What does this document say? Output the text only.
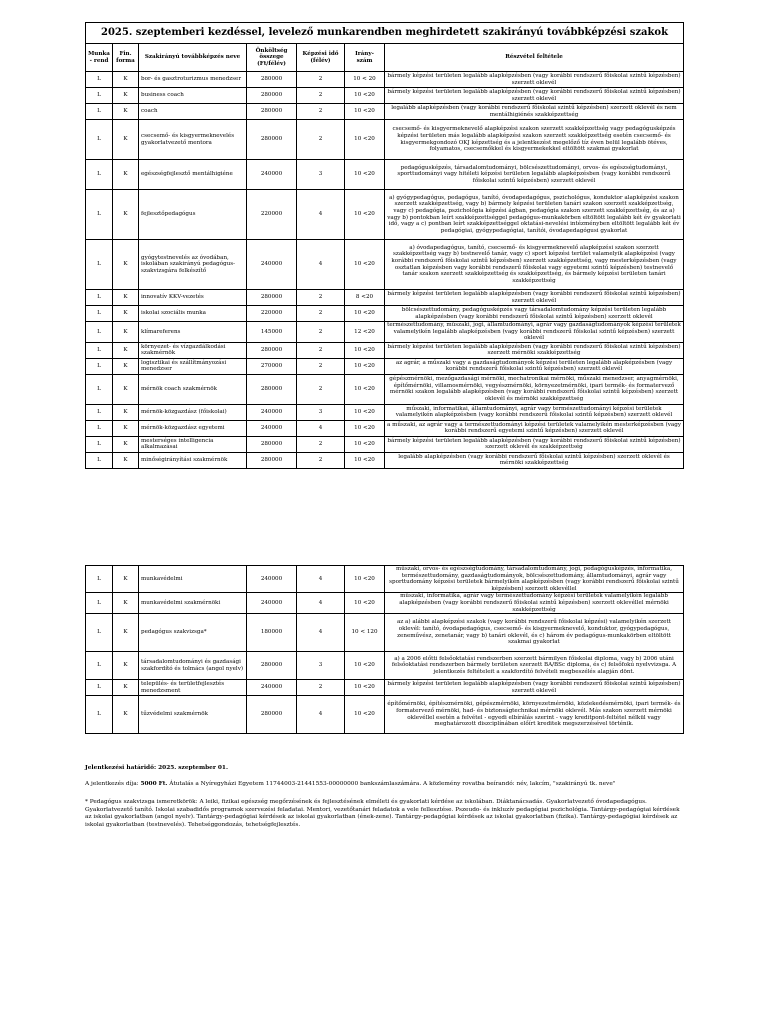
2025. szeptemberi kezdéssel, levelező munkarendben meghirdetett szakirányú továbbképzési szakok						
Munka - rend	Fin. forma	Szakirányú továbbképzés neve	Önköltség összege (Ft/félév)	Képzési idő (félév)	Irány- szám	Részvétel feltétele
L	K	bor- és gasztroturizmus menedzser	280000	2	10 < 20	bármely képzési területen legalább alapképzésben (vagy korábbi rendszerű főiskolai szintű képzésben) szerzett oklevél
L	K	business coach	280000	2	10 <20	bármely képzési területen legalább alapképzésben (vagy korábbi rendszerű főiskolai szintű képzésben) szerzett oklevél
L	K	coach	280000	2	10 <20	legalább alapképzésben (vagy korábbi rendszerű főiskolai szintű képzésben) szerzett oklevél és nem mentálhigiénés szakképzettség
L	K	csecsemő- és kisgyermeknevelés gyakorlatvezető mentora	280000	2	10 <20	csecsemő- és kisgyermeknevelő alapképzési szakon szerzett szakképzettség vagy pedagógusképzés képzési területen más legalább alapképzési szakon szerzett szakképzettség esetén csecsemő- és kisgyermekgondozó OKJ képzettség és a jelentkezést megelőző tíz éven belül legalább ötéves, folyamatos, csecsemőkkel és kisgyermekekkel eltöltött szakmai gyakorlat
L	K	egészségfejlesztő mentálhigiéne	240000	3	10 <20	pedagógusképzés, társadalomtudományi, bölcsészettudományi, orvos- és egészségtudományi, sporttudományi vagy hitéleti képzési területen legalább alapképzésben (vagy korábbi rendszerű főiskolai szintű képzésben) szerzett oklevél
L	K	fejlesztőpedagógus	220000	4	10 <20	a) gyógypedagógus, pedagógus, tanító, óvodapedagógus, pszichológus, konduktor alapképzési szakon szerzett szakképzettség, vagy b) bármely képzési területen tanári szakon szerzett szakképzettség, vagy c) pedagógia, pszichológia képzési ágban, pedagógia szakon szerzett szakképzettség, és az a) vagy b) pontokban leírt szakképzettséggel pedagógus-munkakörben eltöltött legalább két év gyakorlati idő, vagy a c) pontban leírt szakképzettséggel oktatási-nevelési intézményben eltöltött legalább két év pedagógiai, gyógypedagógiai, tanítói, óvodapedagógusi gyakorlat
L	K	gyógytestnevelés az óvodában, iskolában szakirányú pedagógus-szakvizsgára felkészítő	240000	4	10 <20	a) óvodapedagógus, tanító, csecsemő- és kisgyermeknevelő alapképzési szakon szerzett szakképzettség vagy b) testnevelő tanár, vagy c) sport képzési terület valamelyik alapképzési (vagy korábbi rendszerű főiskolai szintű képzésben) szerzett szakképzettség, vagy mesterképzésben (vagy osztatlan képzésben vagy korábbi rendszerű főiskolai vagy egyetemi szintű képzésben) testnevelő tanár szakon szerzett szakképzettség és szakképzettség, és bármely képzési területen tanári szakképzettség
L	K	innovatív KKV-vezetés	280000	2	8 <20	bármely képzési területen legalább alapképzésben (vagy korábbi rendszerű főiskolai szintű képzésben) szerzett oklevél
L	K	iskolai szociális munka	220000	2	10 <20	bölcsészettudomány, pedagógusképzés vagy társadalomtudomány képzési területen legalább alapképzésben (vagy korábbi rendszerű főiskolai szintű képzésben) szerzett oklevél
L	K	klímareferens	145000	2	12 <20	természettudomány, műszaki, jogi, államtudományi, agrár vagy gazdaságtudományok képzési területek valamelyikén legalább alapképzésben (vagy korábbi rendszerű főiskolai szintű képzésben) szerzett oklevél
L	K	környezet- és vízgazdálkodási szakmérnök	280000	2	10 <20	bármely képzési területen legalább alapképzésben (vagy korábbi rendszerű főiskolai szintű képzésben) szerzett mérnöki szakképzettség
L	K	logisztikai és szállítmányozási menedzser	270000	2	10 <20	az agrár, a műszaki vagy a gazdaságtudományok képzési területen legalább alapképzésben (vagy korábbi rendszerű főiskolai szintű képzésben) szerzett oklevél
L	K	mérnök coach szakmérnök	280000	2	10 <20	gépészmérnöki, mezőgazdasági mérnöki, mechatronikai mérnöki, műszaki menedzser, anyagmérnöki, építőmérnöki, villamosmérnöki, vegyészmérnöki, környezetmérnöki, ipari termék- és formatervező mérnöki szakon legalább alapképzésben (vagy korábbi rendszerű főiskolai szintű képzésben) szerzett oklevél és mérnöki szakképzettség
L	K	mérnök-közgazdász (főiskolai)	240000	3	10 <20	műszaki, informatikai, államtudományi, agrár vagy természettudományi képzési területek valamelyikén alapképzésben (vagy korábbi rendszerű főiskolai szintű képzésben) szerzett oklevél
L	K	mérnök-közgazdász egyetemi	240000	4	10 <20	a műszaki, az agrár vagy a természettudományi képzési területek valamelyikén mesterképzésben (vagy korábbi rendszerű egyetemi szintű képzésben) szerzett oklevél
L	K	mesterséges intelligencia alkalmazásai	280000	2	10 <20	bármely képzési területen legalább alapképzésben (vagy korábbi rendszerű főiskolai szintű képzésben) szerzett oklevél és szakképzettség
L	K	minőségirányítási szakmérnök	280000	2	10 <20	legalább alapképzésben (vagy korábbi rendszerű főiskolai szintű képzésben) szerzett oklevél és mérnöki szakképzettség
L	K	munkavédelmi	240000	4	10 <20	műszaki, orvos- és egészségtudomány, társadalomtudomány, jogi, pedagógusképzés, informatika, természettudomány, gazdaságtudományok, bölcsészettudomány, államtudományi, agrár vagy sporttudomány képzési területek bármelyikén alapképzésben (vagy korábbi rendszerű főiskolai szintű képzésben) szerzett oklevéllel
L	K	munkavédelmi szakmérnöki	240000	4	10 <20	műszaki, informatika, agrár vagy természettudomány képzési területek valamelyikén legalább alapképzésben (vagy korábbi rendszerű főiskolai szintű képzésben) szerzett oklevéllel mérnöki szakképzettség
L	K	pedagógus szakvizsga*	180000	4	10 < 120	az a) alábbi alapképzési szakok (vagy korábbi rendszerű főiskolai képzési) valamelyikén szerzett oklevél: tanító, óvodapedagógus, csecsemő- és kisgyermeknevelő, konduktor, gyógypedagógus, zeneművész, zenetanár, vagy b) tanári oklevél, és c) három év pedagógus-munkakörben eltöltött szakmai gyakorlat
L	K	társadalomtudományi és gazdasági szakfordító és tolmács (angol nyelv)	280000	3	10 <20	a) a 2006 előtti felsőoktatási rendszerben szerzett bármilyen főiskolai diploma, vagy b) 2006 utáni felsőoktatási rendszerben bármely területen szerzett BA/BSc diploma, és c) felsőfokú nyelvvizsga. A jelentkezés feltételeit a szakfordító felvételi megbeszélés alapján dönt.
L	K	település- és területfejlesztés menedzsment	240000	2	10 <20	bármely képzési területen legalább alapképzésben (vagy korábbi rendszerű főiskolai szintű képzésben) szerzett oklevél
L	K	tűzvédelmi szakmérnök	280000	4	10 <20	építőmérnöki, építészmérnöki, gépészmérnöki, környezetmérnöki, közlekedésmérnöki, ipari termék- és formatervező mérnöki, had- és biztonságtechnikai mérnöki oklevél. Más szakon szerzett mérnöki oklevéllel esetén a felvétel - egyedi elbírálás szerint - vagy kreditpont-feltétel nélkül vagy meghatározott diszciplínában előírt kreditek megszerzésével történik.
Jelentkezési határidő: 2025. szeptember 01.
A jelentkezés díja: 5000 Ft. Átutalás a Nyíregyházi Egyetem 11744003-21441553-00000000 bankszámlaszámára. A közlemény rovatba beírandó: név, lakcím, "szakirányú tk. neve"
* Pedagógus szakvizsga ismeretkörök: A leiki, fizikai egészség megőrzésének és fejlesztésének elméleti és gyakorlati kérdése az iskolában. Diáktanácsadás. Gyakorlatvezető óvodapedagógus. Gyakorlatvezető tanító. Iskolai szabadidős programok szervezési feladatai. Mentori, vezetőtanári feladatok a vele fellesztése. Pszeudo- és inkluzív pedagógiai pszichológia. Tantárgy-pedagógiai kérdések az iskolai gyakorlatban (angol nyelv). Tantárgy-pedagógiai kérdések az iskolai gyakorlatban (ének-zene). Tantárgy-pedagógiai kérdések az iskolai gyakorlatban (fizika). Tantárgy-pedagógiai kérdések az iskolai gyakorlatban (testnevelés). Tehetséggondozás, tehetségfejlesztés.
